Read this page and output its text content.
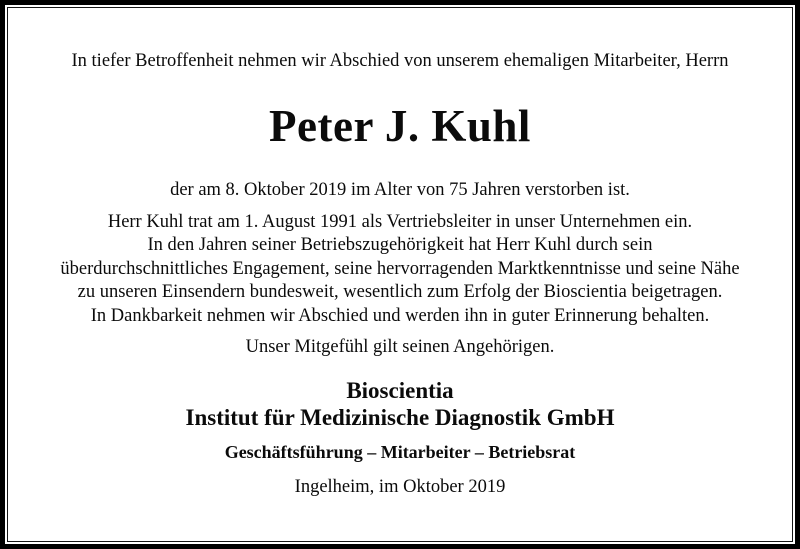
In tiefer Betroffenheit nehmen wir Abschied von unserem ehemaligen Mitarbeiter, Herrn
Peter J. Kuhl
der am 8. Oktober 2019 im Alter von 75 Jahren verstorben ist.
Herr Kuhl trat am 1. August 1991 als Vertriebsleiter in unser Unternehmen ein.
In den Jahren seiner Betriebszugehörigkeit hat Herr Kuhl durch sein
überdurchschnittliches Engagement, seine hervorragenden Marktkenntnisse und seine Nähe
zu unseren Einsendern bundesweit, wesentlich zum Erfolg der Bioscientia beigetragen.
In Dankbarkeit nehmen wir Abschied und werden ihn in guter Erinnerung behalten.
Unser Mitgefühl gilt seinen Angehörigen.
Bioscientia
Institut für Medizinische Diagnostik GmbH
Geschäftsführung – Mitarbeiter – Betriebsrat
Ingelheim, im Oktober 2019
